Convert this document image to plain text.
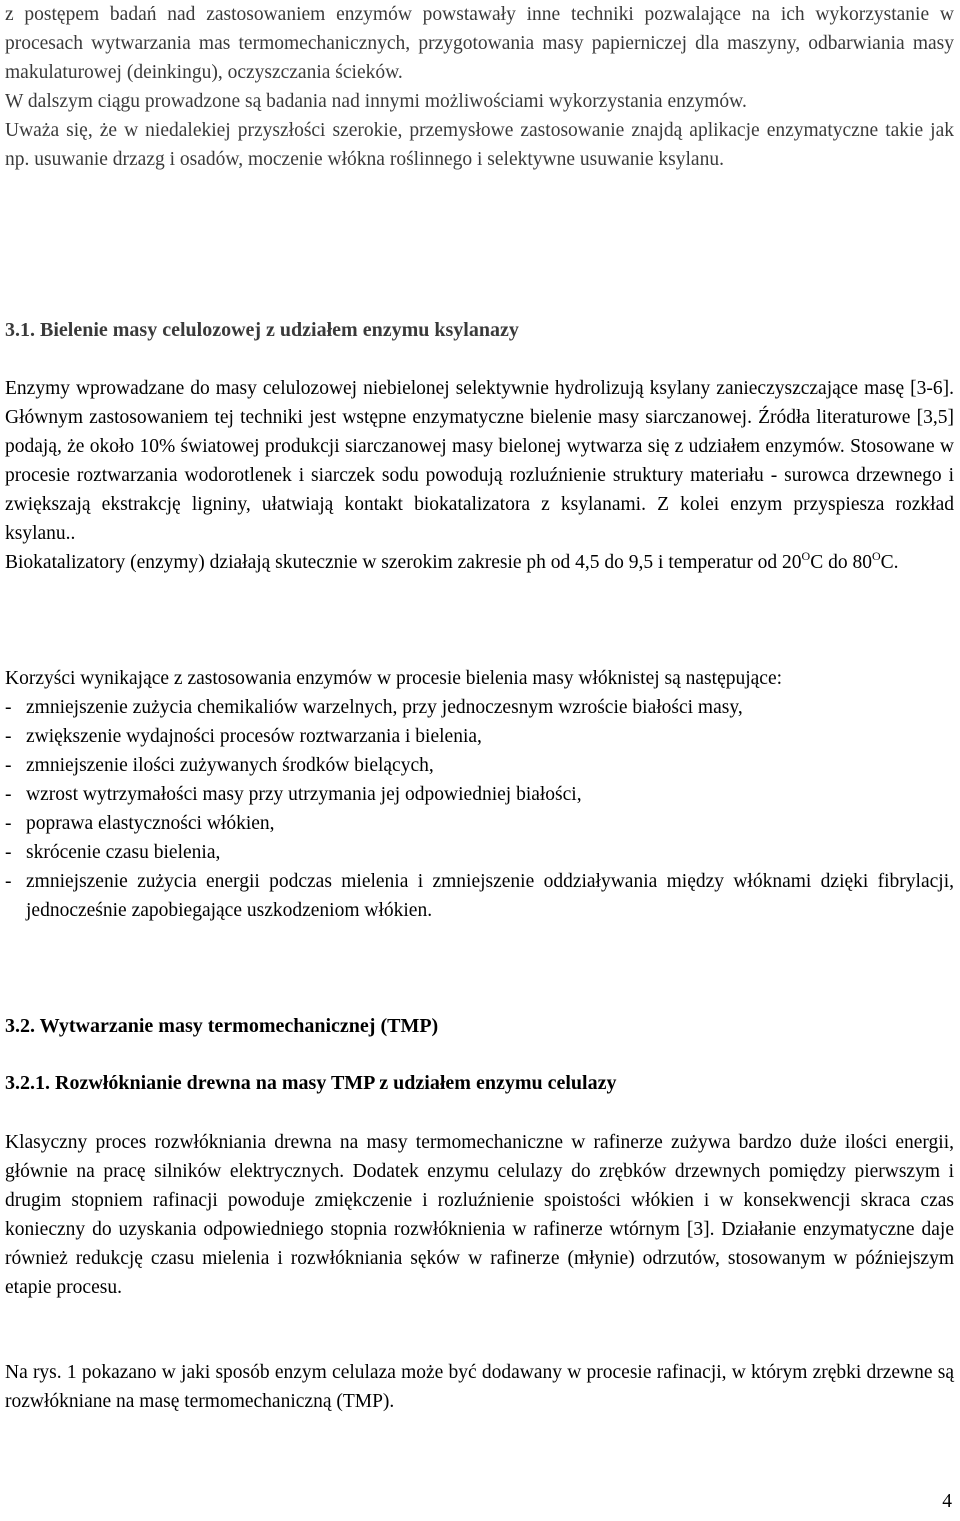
z postępem badań nad zastosowaniem enzymów powstawały inne techniki pozwalające na ich wykorzystanie w procesach wytwarzania mas termomechanicznych, przygotowania masy papierniczej dla maszyny, odbarwiania masy makulaturowej (deinkingu), oczyszczania ścieków.

W dalszym ciągu prowadzone są badania nad innymi możliwościami wykorzystania enzymów.

Uważa się, że w niedalekiej przyszłości szerokie, przemysłowe zastosowanie znajdą aplikacje enzymatyczne takie jak np. usuwanie drzazg i osadów, moczenie włókna roślinnego i selektywne usuwanie ksylanu.

3.1. Bielenie masy celulozowej z udziałem enzymu ksylanazy

Enzymy wprowadzane do masy celulozowej niebielonej selektywnie hydrolizują ksylany zanieczyszczające masę [3-6]. Głównym zastosowaniem tej techniki jest wstępne enzymatyczne bielenie masy siarczanowej. Źródła literaturowe [3,5] podają, że około 10% światowej produkcji siarczanowej masy bielonej wytwarza się z udziałem enzymów. Stosowane w procesie roztwarzania wodorotlenek i siarczek sodu powodują rozluźnienie struktury materiału - surowca drzewnego i zwiększają ekstrakcję ligniny, ułatwiają kontakt biokatalizatora z ksylanami. Z kolei enzym przyspiesza rozkład ksylanu..

Biokatalizatory (enzymy) działają skutecznie w szerokim zakresie ph od 4,5 do 9,5 i temperatur od $20^OC$ do $80^OC$.

Korzyści wynikające z zastosowania enzymów w procesie bielenia masy włóknistej są następujące:

- zmniejszenie zużycia chemikaliów warzelnych, przy jednoczesnym wzroście białości masy,
- zwiększenie wydajności procesów roztwarzania i bielenia,
- zmniejszenie ilości zużywanych środków bielących,
- wzrost wytrzymałości masy przy utrzymania jej odpowiedniej białości,
- poprawa elastyczności włókien,
- skrócenie czasu bielenia,
- zmniejszenie zużycia energii podczas mielenia i zmniejszenie oddziaływania między włóknami dzięki fibrylacji, jednocześnie zapobiegające uszkodzeniom włókien.
3.2. Wytwarzanie masy termomechanicznej (TMP)
3.2.1. Rozwłóknianie drewna na masy TMP z udziałem enzymu celulazy

Klasyczny proces rozwłókniania drewna na masy termomechaniczne w rafinerze zużywa bardzo duże ilości energii, głównie na pracę silników elektrycznych. Dodatek enzymu celulazy do zrębków drzewnych pomiędzy pierwszym i drugim stopniem rafinacji powoduje zmiękczenie i rozluźnienie spoistości włókien i w konsekwencji skraca czas konieczny do uzyskania odpowiedniego stopnia rozwłóknienia w rafinerze wtórnym [3]. Działanie enzymatyczne daje również redukcję czasu mielenia i rozwłókniania sęków w rafinerze (młynie) odrzutów, stosowanym w późniejszym etapie procesu.

Na rys. 1 pokazano w jaki sposób enzym celulaza może być dodawany w procesie rafinacji, w którym zrębki drzewne są rozwłókniane na masę termomechaniczną (TMP).

4
